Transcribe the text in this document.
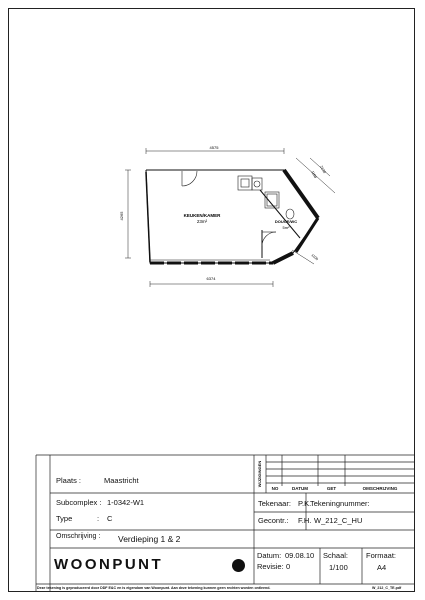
4575
4265
6374
2138
1100
1100
KEUKEN/KAMER
23m²	DOUCE/WC
5m²
WIJZIGINGEN
NO	DATUM	GET	OMSCHRIJVING
Plaats :	Maastricht
Subcomplex : 1-0342-W1
Type	: C
Omschrijving : Verdieping 1 & 2
Tekenaar: P.K.
Gecontr.: F.H.
Tekeningnummer:
W_212_C_HU
WOONPUNT
Datum: 09.08.10
Revisie: 0
Schaal:
1/100
Formaat:
A4
Deze tekening is geproduceerd door DDF E&C en is eigendom van Woonpunt. Aan deze tekening kunnen geen rechten worden ontleend.	W_212_C_TE.pdf
